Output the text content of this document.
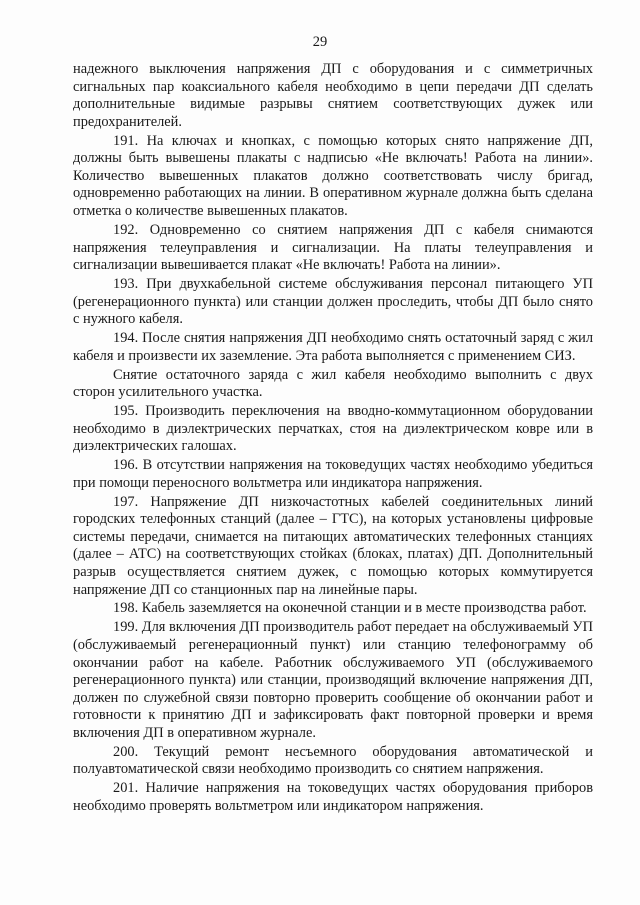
29

надежного выключения напряжения ДП с оборудования и с симметричных сигнальных пар коаксиального кабеля необходимо в цепи передачи ДП сделать дополнительные видимые разрывы снятием соответствующих дужек или предохранителей.

191. На ключах и кнопках, с помощью которых снято напряжение ДП, должны быть вывешены плакаты с надписью «Не включать! Работа на линии». Количество вывешенных плакатов должно соответствовать числу бригад, одновременно работающих на линии. В оперативном журнале должна быть сделана отметка о количестве вывешенных плакатов.

192. Одновременно со снятием напряжения ДП с кабеля снимаются напряжения телеуправления и сигнализации. На платы телеуправления и сигнализации вывешивается плакат «Не включать! Работа на линии».

193. При двухкабельной системе обслуживания персонал питающего УП (регенерационного пункта) или станции должен проследить, чтобы ДП было снято с нужного кабеля.

194. После снятия напряжения ДП необходимо снять остаточный заряд с жил кабеля и произвести их заземление. Эта работа выполняется с применением СИЗ.

Снятие остаточного заряда с жил кабеля необходимо выполнить с двух сторон усилительного участка.

195. Производить переключения на вводно-коммутационном оборудовании необходимо в диэлектрических перчатках, стоя на диэлектрическом ковре или в диэлектрических галошах.

196. В отсутствии напряжения на токоведущих частях необходимо убедиться при помощи переносного вольтметра или индикатора напряжения.

197. Напряжение ДП низкочастотных кабелей соединительных линий городских телефонных станций (далее – ГТС), на которых установлены цифровые системы передачи, снимается на питающих автоматических телефонных станциях (далее – АТС) на соответствующих стойках (блоках, платах) ДП. Дополнительный разрыв осуществляется снятием дужек, с помощью которых коммутируется напряжение ДП со станционных пар на линейные пары.

198. Кабель заземляется на оконечной станции и в месте производства работ.

199. Для включения ДП производитель работ передает на обслуживаемый УП (обслуживаемый регенерационный пункт) или станцию телефонограмму об окончании работ на кабеле. Работник обслуживаемого УП (обслуживаемого регенерационного пункта) или станции, производящий включение напряжения ДП, должен по служебной связи повторно проверить сообщение об окончании работ и готовности к принятию ДП и зафиксировать факт повторной проверки и время включения ДП в оперативном журнале.

200. Текущий ремонт несъемного оборудования автоматической и полуавтоматической связи необходимо производить со снятием напряжения.

201. Наличие напряжения на токоведущих частях оборудования приборов необходимо проверять вольтметром или индикатором напряжения.
